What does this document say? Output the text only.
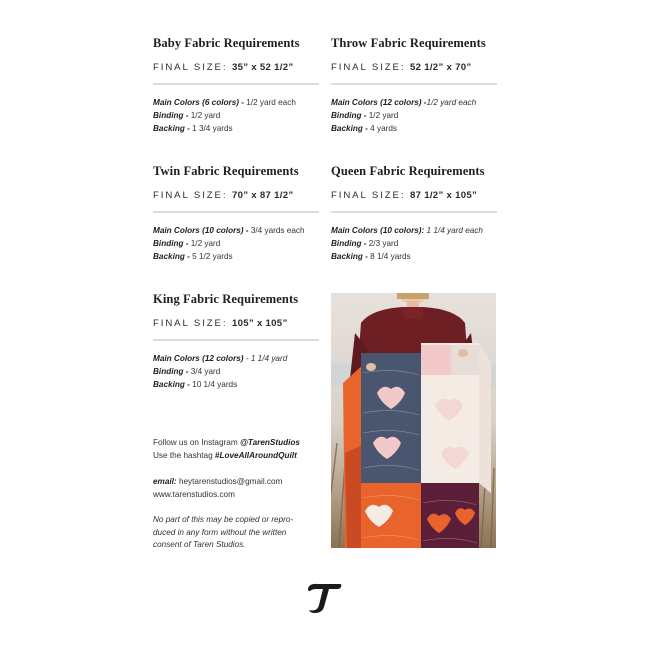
Baby Fabric Requirements
FINAL SIZE: 35” x 52 1/2”
Main Colors (6 colors) - 1/2 yard each
Binding - 1/2 yard
Backing - 1 3/4 yards
Throw Fabric Requirements
FINAL SIZE: 52 1/2” x 70”
Main Colors (12 colors) -1/2 yard each
Binding - 1/2 yard
Backing - 4 yards
Twin Fabric Requirements
FINAL SIZE: 70” x 87 1/2”
Main Colors (10 colors) - 3/4 yards each
Binding - 1/2 yard
Backing - 5 1/2 yards
Queen Fabric Requirements
FINAL SIZE: 87 1/2” x 105”
Main Colors (10 colors): 1 1/4 yard each
Binding - 2/3 yard
Backing - 8 1/4 yards
King Fabric Requirements
FINAL SIZE: 105” x 105”
Main Colors (12 colors) - 1 1/4 yard
Binding - 3/4 yard
Backing - 10 1/4 yards
Follow us on Instagram @TarenStudios
Use the hashtag #LoveAllAroundQuilt
email: heytarenstudios@gmail.com
www.tarenstudios.com
No part of this may be copied or repro-
duced in any form without the written
consent of Taren Studios.
